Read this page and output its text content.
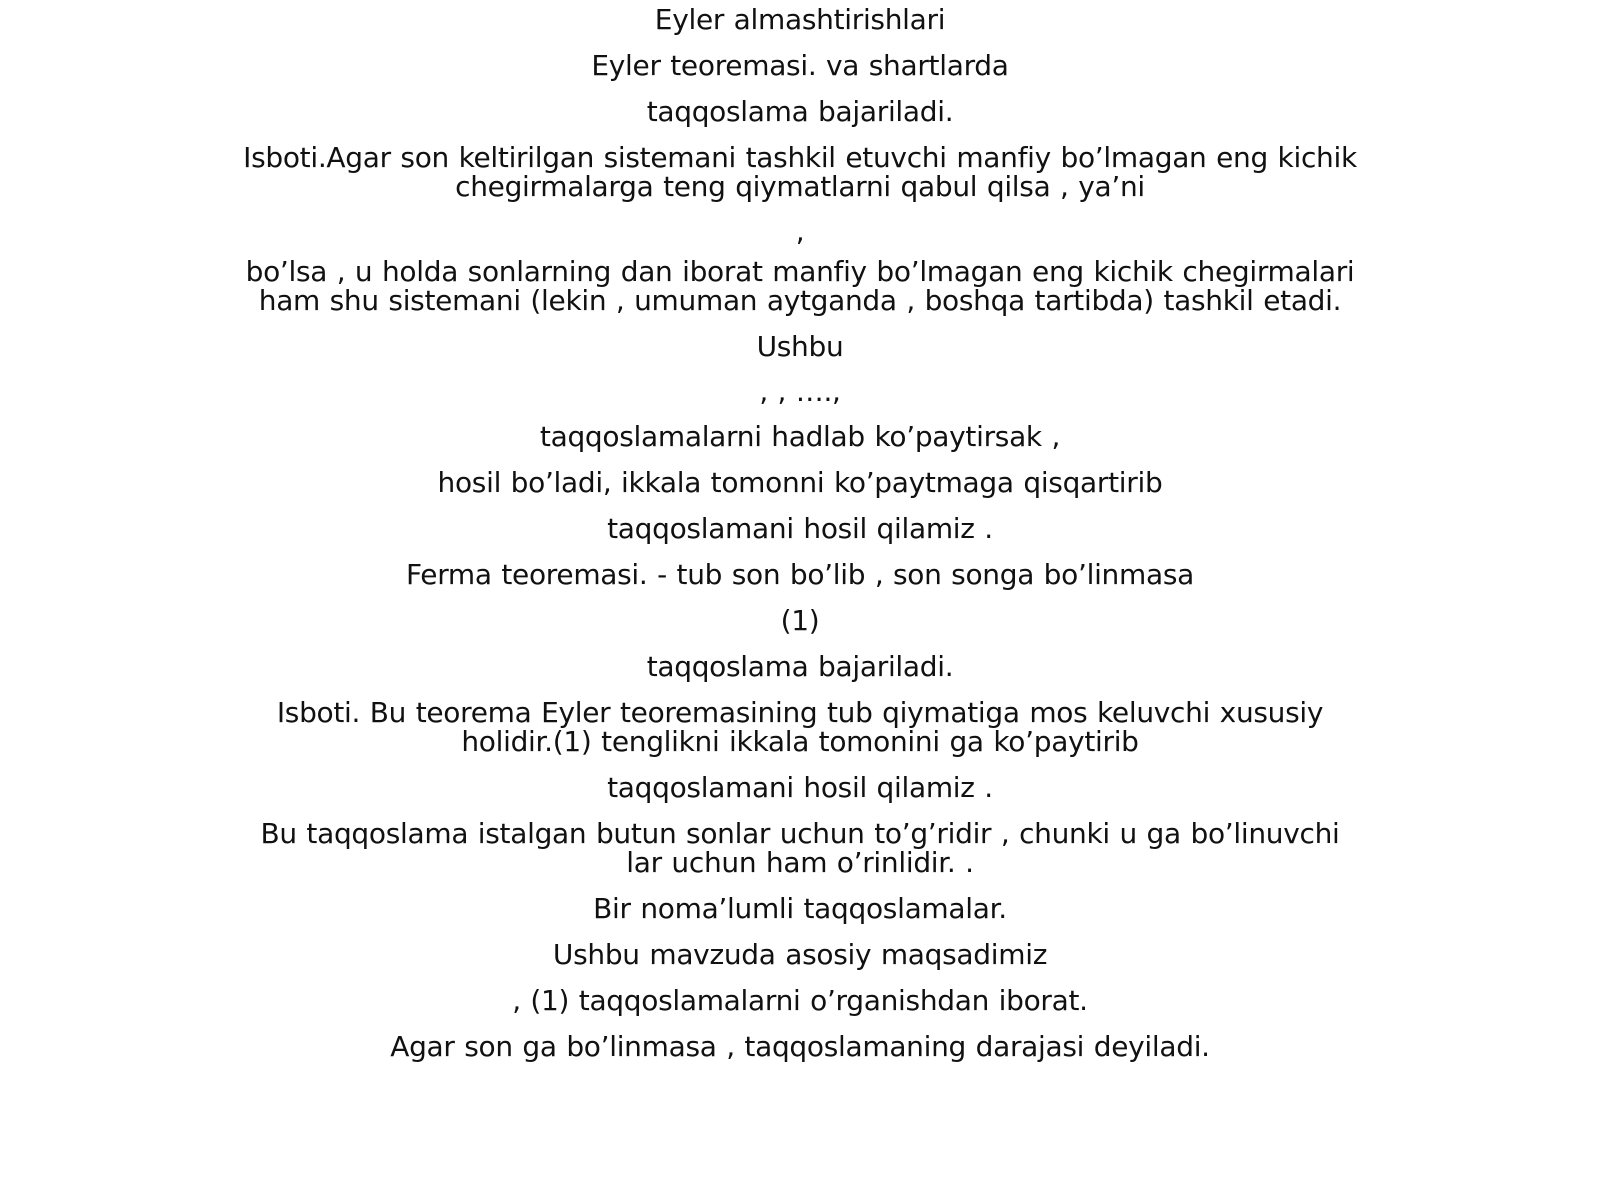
Eyler almashtirishlari
Eyler teoremasi. va shartlarda
taqqoslama bajariladi.
Isboti.Agar son keltirilgan sistemani tashkil etuvchi manfiy bo’lmagan eng kichik chegirmalarga teng qiymatlarni qabul qilsa , ya’ni
,
bo’lsa , u holda sonlarning dan iborat manfiy bo’lmagan eng kichik chegirmalari ham shu sistemani (lekin , umuman aytganda , boshqa tartibda) tashkil etadi.
Ushbu
, , ….,
taqqoslamalarni hadlab ko’paytirsak ,
hosil bo’ladi, ikkala tomonni ko’paytmaga qisqartirib
taqqoslamani hosil qilamiz .
Ferma teoremasi. - tub son bo’lib , son songa bo’linmasa
(1)
taqqoslama bajariladi.
Isboti. Bu teorema Eyler teoremasining tub qiymatiga mos keluvchi xususiy holidir.(1) tenglikni ikkala tomonini ga ko’paytirib
taqqoslamani hosil qilamiz .
Bu taqqoslama istalgan butun sonlar uchun to’g’ridir , chunki u ga bo’linuvchi lar uchun ham o’rinlidir. .
Bir noma’lumli taqqoslamalar.
Ushbu mavzuda asosiy maqsadimiz
, (1) taqqoslamalarni o’rganishdan iborat.
Agar son ga bo’linmasa , taqqoslamaning darajasi deyiladi.
